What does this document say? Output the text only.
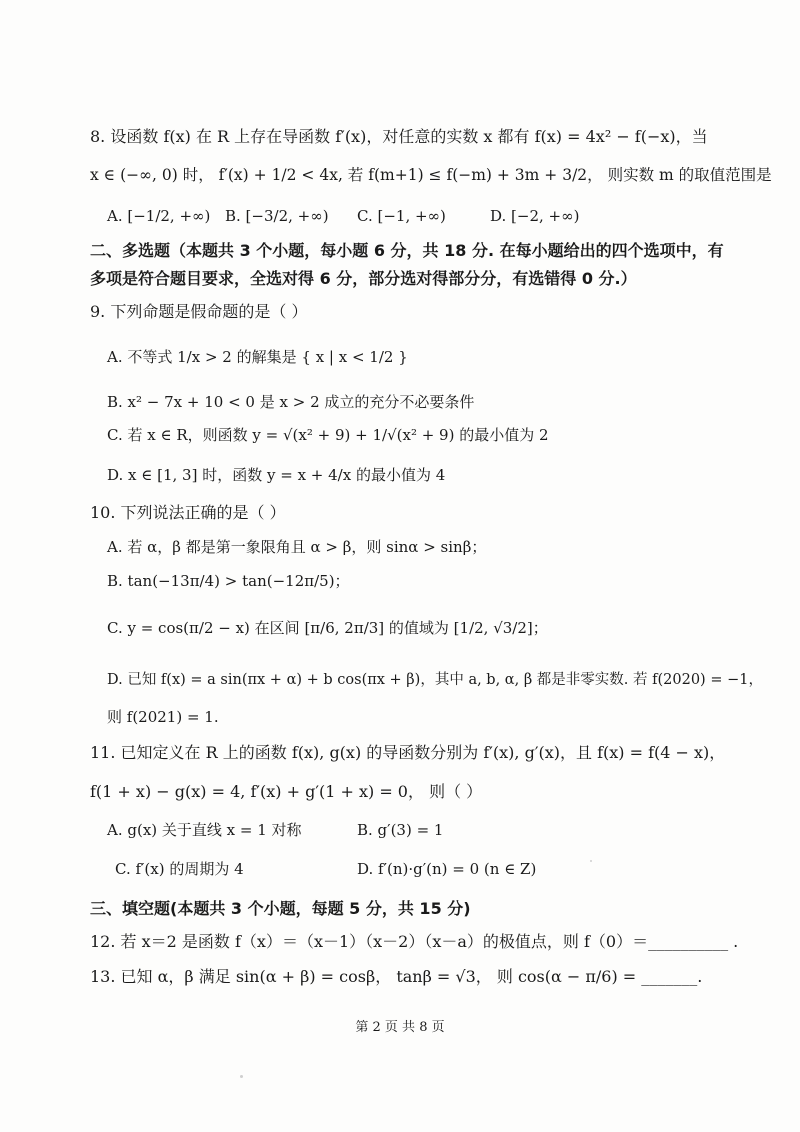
8. 设函数 f(x) 在 R 上存在导函数 f′(x)，对任意的实数 x 都有 f(x) = 4x² − f(−x)，当
x ∈ (−∞, 0) 时， f′(x) + 1/2 < 4x, 若 f(m+1) ≤ f(−m) + 3m + 3/2， 则实数 m 的取值范围是
A. [−1/2, +∞) B. [−3/2, +∞) C. [−1, +∞)	D. [−2, +∞)
二、多选题（本题共 3 个小题，每小题 6 分，共 18 分. 在每小题给出的四个选项中，有
多项是符合题目要求，全选对得 6 分，部分选对得部分分，有选错得 0 分.）
9. 下列命题是假命题的是（ ）
A. 不等式 1/x > 2 的解集是 { x | x < 1/2 }
B. x² − 7x + 10 < 0 是 x > 2 成立的充分不必要条件
C. 若 x ∈ R，则函数 y = √(x² + 9) + 1/√(x² + 9) 的最小值为 2
D. x ∈ [1, 3] 时，函数 y = x + 4/x 的最小值为 4
10. 下列说法正确的是（ ）
A. 若 α，β 都是第一象限角且 α > β，则 sinα > sinβ；
B. tan(−13π/4) > tan(−12π/5)；
C. y = cos(π/2 − x) 在区间 [π/6, 2π/3] 的值域为 [1/2, √3/2]；
D. 已知 f(x) = a sin(πx + α) + b cos(πx + β)，其中 a, b, α, β 都是非零实数. 若 f(2020) = −1，
则 f(2021) = 1.
11. 已知定义在 R 上的函数 f(x), g(x) 的导函数分别为 f′(x), g′(x)，且 f(x) = f(4 − x)，
f(1 + x) − g(x) = 4, f′(x) + g′(1 + x) = 0， 则（ ）
A. g(x) 关于直线 x = 1 对称	B. g′(3) = 1
C. f′(x) 的周期为 4	D. f′(n)·g′(n) = 0 (n ∈ Z)
三、填空题(本题共 3 个小题，每题 5 分，共 15 分)
12. 若 x＝2 是函数 f（x）＝（x－1）（x－2）（x－a）的极值点，则 f（0）＝__________ .
13. 已知 α，β 满足 sin(α + β) = cosβ， tanβ = √3， 则 cos(α − π/6) = _______.
第 2 页 共 8 页
